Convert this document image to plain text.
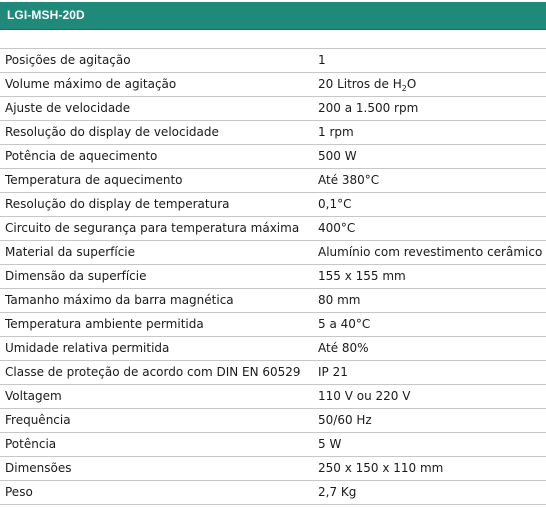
LGI-MSH-20D
Posições de agitação	1
Volume máximo de agitação	20 Litros de $H_2O$
Ajuste de velocidade	200 a 1.500 rpm
Resolução do display de velocidade	1 rpm
Potência de aquecimento	500 W
Temperatura de aquecimento	Até 380°C
Resolução do display de temperatura	0,1°C
Circuito de segurança para temperatura máxima 400°C
Material da superfície	Alumínio com revestimento cerâmico
Dimensão da superfície	155 x 155 mm
Tamanho máximo da barra magnética	80 mm
Temperatura ambiente permitida	5 a 40°C
Umidade relativa permitida	Até 80%
Classe de proteção de acordo com DIN EN 60529 IP 21
Voltagem	110 V ou 220 V
Frequência	50/60 Hz
Potência	5 W
Dimensões	250 x 150 x 110 mm
Peso	2,7 Kg
